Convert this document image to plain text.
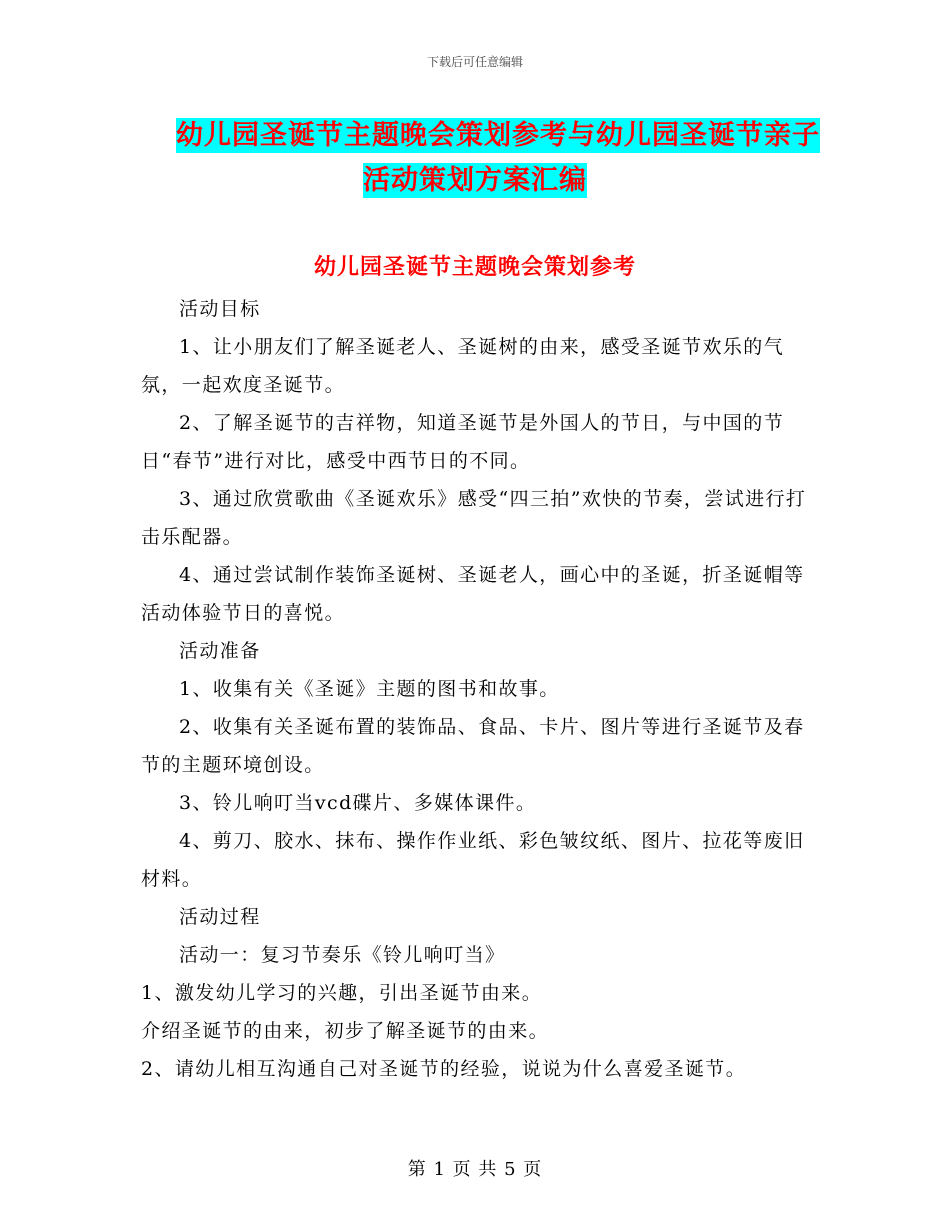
下载后可任意编辑
幼儿园圣诞节主题晚会策划参考与幼儿园圣诞节亲子
活动策划方案汇编
幼儿园圣诞节主题晚会策划参考

活动目标

1、让小朋友们了解圣诞老人、圣诞树的由来，感受圣诞节欢乐的气氛，一起欢度圣诞节。

2、了解圣诞节的吉祥物，知道圣诞节是外国人的节日，与中国的节日“春节”进行对比，感受中西节日的不同。

3、通过欣赏歌曲《圣诞欢乐》感受“四三拍”欢快的节奏，尝试进行打击乐配器。

4、通过尝试制作装饰圣诞树、圣诞老人，画心中的圣诞，折圣诞帽等活动体验节日的喜悦。

活动准备

1、收集有关《圣诞》主题的图书和故事。

2、收集有关圣诞布置的装饰品、食品、卡片、图片等进行圣诞节及春节的主题环境创设。

3、铃儿响叮当vcd碟片、多媒体课件。

4、剪刀、胶水、抹布、操作作业纸、彩色皱纹纸、图片、拉花等废旧材料。

活动过程

活动一：复习节奏乐《铃儿响叮当》

1、激发幼儿学习的兴趣，引出圣诞节由来。

介绍圣诞节的由来，初步了解圣诞节的由来。

2、请幼儿相互沟通自己对圣诞节的经验，说说为什么喜爱圣诞节。

第 1 页 共 5 页
